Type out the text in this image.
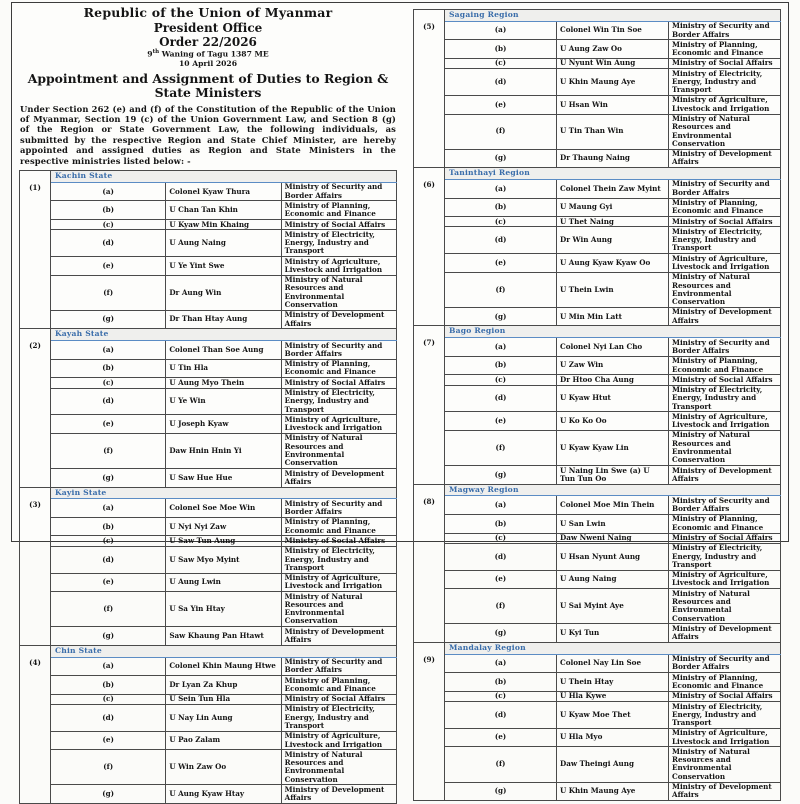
Republic of the Union of Myanmar
President Office
Order 22/2026
9th Waning of Tagu 1387 ME
10 April 2026
Appointment and Assignment of Duties to Region & State Ministers
Under Section 262 (e) and (f) of the Constitution of the Republic of the Union of Myanmar, Section 19 (c) of the Union Government Law, and Section 8 (g) of the Region or State Government Law, the following individuals, as submitted by the respective Region and State Chief Minister, are hereby appointed and assigned duties as Region and State Ministers in the respective ministries listed below: -
(1)	Kachin State		
	(a)	Colonel Kyaw Thura	Ministry of Security and Border Affairs
	(b)	U Chan Tan Khin	Ministry of Planning, Economic and Finance
	(c)	U Kyaw Min Khaing	Ministry of Social Affairs
	(d)	U Aung Naing	Ministry of Electricity, Energy, Industry and Transport
	(e)	U Ye Yint Swe	Ministry of Agriculture, Livestock and Irrigation
	(f)	Dr Aung Win	Ministry of Natural Resources and Environmental Conservation
	(g)	Dr Than Htay Aung	Ministry of Development Affairs
(2)	Kayah State		
	(a)	Colonel Than Soe Aung	Ministry of Security and Border Affairs
	(b)	U Tin Hla	Ministry of Planning, Economic and Finance
	(c)	U Aung Myo Thein	Ministry of Social Affairs
	(d)	U Ye Win	Ministry of Electricity, Energy, Industry and Transport
	(e)	U Joseph Kyaw	Ministry of Agriculture, Livestock and Irrigation
	(f)	Daw Hnin Hnin Yi	Ministry of Natural Resources and Environmental Conservation
	(g)	U Saw Hue Hue	Ministry of Development Affairs
(3)	Kayin State		
	(a)	Colonel Soe Moe Win	Ministry of Security and Border Affairs
	(b)	U Nyi Nyi Zaw	Ministry of Planning, Economic and Finance
	(c)	U Saw Tun Aung	Ministry of Social Affairs
	(d)	U Saw Myo Myint	Ministry of Electricity, Energy, Industry and Transport
	(e)	U Aung Lwin	Ministry of Agriculture, Livestock and Irrigation
	(f)	U Sa Yin Htay	Ministry of Natural Resources and Environmental Conservation
	(g)	Saw Khaung Pan Htawt	Ministry of Development Affairs
(4)	Chin State		
	(a)	Colonel Khin Maung Htwe	Ministry of Security and Border Affairs
	(b)	Dr Lyan Za Khup	Ministry of Planning, Economic and Finance
	(c)	U Sein Tun Hla	Ministry of Social Affairs
	(d)	U Nay Lin Aung	Ministry of Electricity, Energy, Industry and Transport
	(e)	U Pao Zalam	Ministry of Agriculture, Livestock and Irrigation
	(f)	U Win Zaw Oo	Ministry of Natural Resources and Environmental Conservation
	(g)	U Aung Kyaw Htay	Ministry of Development Affairs
(5)	Sagaing Region		
	(a)	Colonel Win Tin Soe	Ministry of Security and Border Affairs
	(b)	U Aung Zaw Oo	Ministry of Planning, Economic and Finance
	(c)	U Nyunt Win Aung	Ministry of Social Affairs
	(d)	U Khin Maung Aye	Ministry of Electricity, Energy, Industry and Transport
	(e)	U Hsan Win	Ministry of Agriculture, Livestock and Irrigation
	(f)	U Tin Than Win	Ministry of Natural Resources and Environmental Conservation
	(g)	Dr Thaung Naing	Ministry of Development Affairs
(6)	Taninthayi Region		
	(a)	Colonel Thein Zaw Myint	Ministry of Security and Border Affairs
	(b)	U Maung Gyi	Ministry of Planning, Economic and Finance
	(c)	U Thet Naing	Ministry of Social Affairs
	(d)	Dr Win Aung	Ministry of Electricity, Energy, Industry and Transport
	(e)	U Aung Kyaw Kyaw Oo	Ministry of Agriculture, Livestock and Irrigation
	(f)	U Thein Lwin	Ministry of Natural Resources and Environmental Conservation
	(g)	U Min Min Latt	Ministry of Development Affairs
(7)	Bago Region		
	(a)	Colonel Nyi Lan Cho	Ministry of Security and Border Affairs
	(b)	U Zaw Win	Ministry of Planning, Economic and Finance
	(c)	Dr Htoo Cha Aung	Ministry of Social Affairs
	(d)	U Kyaw Htut	Ministry of Electricity, Energy, Industry and Transport
	(e)	U Ko Ko Oo	Ministry of Agriculture, Livestock and Irrigation
	(f)	U Kyaw Kyaw Lin	Ministry of Natural Resources and Environmental Conservation
	(g)	U Naing Lin Swe (a) U Tun Tun Oo	Ministry of Development Affairs
(8)	Magway Region		
	(a)	Colonel Moe Min Thein	Ministry of Security and Border Affairs
	(b)	U San Lwin	Ministry of Planning, Economic and Finance
	(c)	Daw Nweni Naing	Ministry of Social Affairs
	(d)	U Hsan Nyunt Aung	Ministry of Electricity, Energy, Industry and Transport
	(e)	U Aung Naing	Ministry of Agriculture, Livestock and Irrigation
	(f)	U Sai Myint Aye	Ministry of Natural Resources and Environmental Conservation
	(g)	U Kyi Tun	Ministry of Development Affairs
(9)	Mandalay Region		
	(a)	Colonel Nay Lin Soe	Ministry of Security and Border Affairs
	(b)	U Thein Htay	Ministry of Planning, Economic and Finance
	(c)	U Hla Kywe	Ministry of Social Affairs
	(d)	U Kyaw Moe Thet	Ministry of Electricity, Energy, Industry and Transport
	(e)	U Hla Myo	Ministry of Agriculture, Livestock and Irrigation
	(f)	Daw Theingi Aung	Ministry of Natural Resources and Environmental Conservation
	(g)	U Khin Maung Aye	Ministry of Development Affairs
